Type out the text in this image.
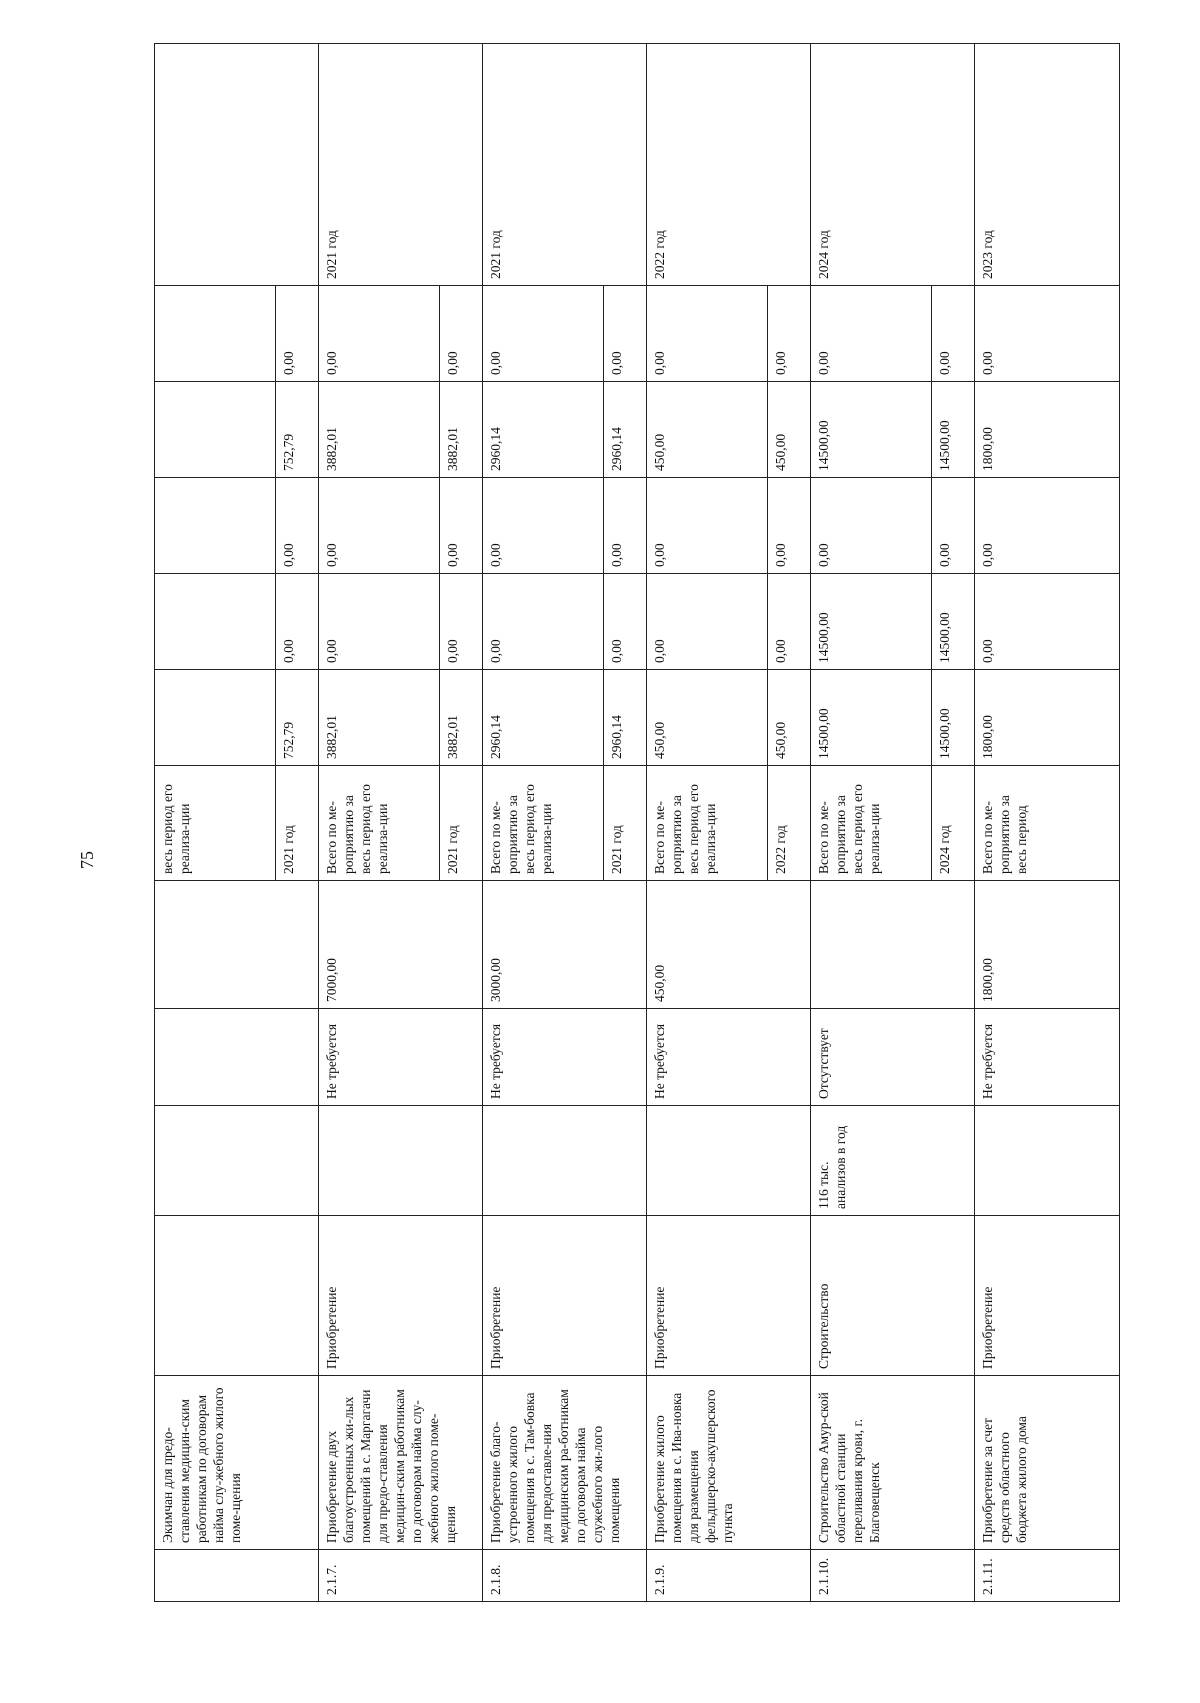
75
	Экимчан для предо-ставления медицин-ским работникам по договорам найма слу-жебного жилого поме-щения					весь период его реализа-ции						
						2021 год	752,79	0,00	0,00	752,79	0,00	
2.1.7.	Приобретение двух благоустроенных жи-лых помещений в с. Маргагачи для предо-ставления медицин-ским работникам по договорам найма слу-жебного жилого поме-щения	Приобретение		Не требуется	7000,00	Всего по ме-роприятию за весь период его реализа-ции	3882,01	0,00	0,00	3882,01	0,00	2021 год
						2021 год	3882,01	0,00	0,00	3882,01	0,00	
2.1.8.	Приобретение благо-устроенного жилого помещения в с. Там-бовка для предоставле-ния медицинским ра-ботникам по договорам найма служебного жи-лого помещения	Приобретение		Не требуется	3000,00	Всего по ме-роприятию за весь период его реализа-ции	2960,14	0,00	0,00	2960,14	0,00	2021 год
						2021 год	2960,14	0,00	0,00	2960,14	0,00	
2.1.9.	Приобретение жилого помещения в с. Ива-новка для размещения фельдшерско-акушерского пункта	Приобретение		Не требуется	450,00	Всего по ме-роприятию за весь период его реализа-ции	450,00	0,00	0,00	450,00	0,00	2022 год
						2022 год	450,00	0,00	0,00	450,00	0,00	
2.1.10.	Строительство Амур-ской областной станции переливания крови, г. Благовещенск	Строительство	116 тыс. анализов в год	Отсутствует		Всего по ме-роприятию за весь период его реализа-ции	14500,00	14500,00	0,00	14500,00	0,00	2024 год
						2024 год	14500,00	14500,00	0,00	14500,00	0,00	
2.1.11.	Приобретение за счет средств областного бюджета жилого дома	Приобретение		Не требуется	1800,00	Всего по ме-роприятию за весь период	1800,00	0,00	0,00	1800,00	0,00	2023 год
